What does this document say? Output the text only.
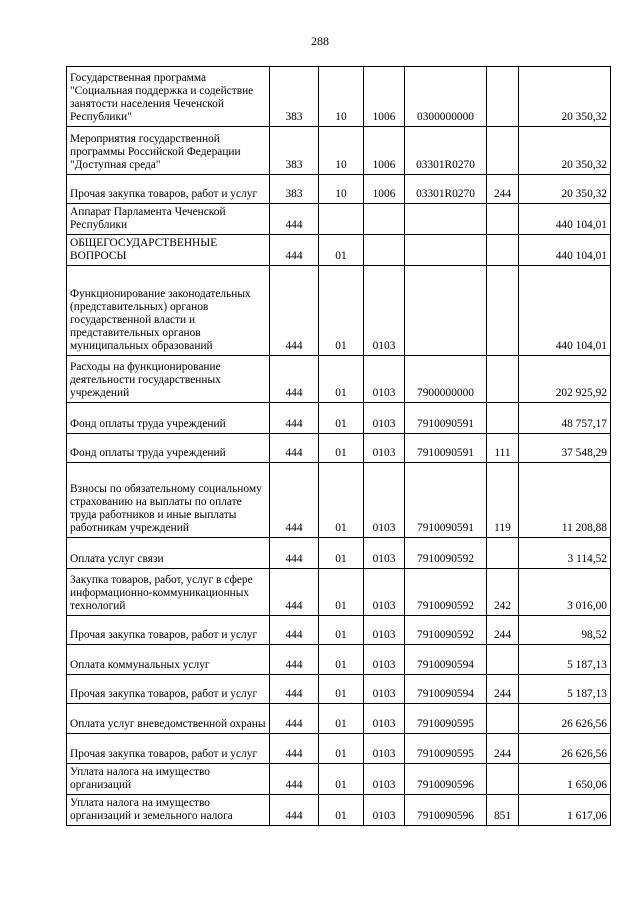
288
Государственная программа "Социальная поддержка и содействие занятости населения Чеченской Республики"	383	10	1006	0300000000		20 350,32
Мероприятия государственной программы Российской Федерации "Доступная среда"	383	10	1006	03301R0270		20 350,32
Прочая закупка товаров, работ и услуг	383	10	1006	03301R0270	244	20 350,32
Аппарат Парламента Чеченской Республики	444					440 104,01
ОБЩЕГОСУДАРСТВЕННЫЕ ВОПРОСЫ	444	01				440 104,01
Функционирование законодательных (представительных) органов государственной власти и представительных органов муниципальных образований	444	01	0103			440 104,01
Расходы на функционирование деятельности государственных учреждений	444	01	0103	7900000000		202 925,92
Фонд оплаты труда учреждений	444	01	0103	7910090591		48 757,17
Фонд оплаты труда учреждений	444	01	0103	7910090591	111	37 548,29
Взносы по обязательному социальному страхованию на выплаты по оплате труда работников и иные выплаты работникам учреждений	444	01	0103	7910090591	119	11 208,88
Оплата услуг связи	444	01	0103	7910090592		3 114,52
Закупка товаров, работ, услуг в сфере информационно-коммуникационных технологий	444	01	0103	7910090592	242	3 016,00
Прочая закупка товаров, работ и услуг	444	01	0103	7910090592	244	98,52
Оплата коммунальных услуг	444	01	0103	7910090594		5 187,13
Прочая закупка товаров, работ и услуг	444	01	0103	7910090594	244	5 187,13
Оплата услуг вневедомственной охраны	444	01	0103	7910090595		26 626,56
Прочая закупка товаров, работ и услуг	444	01	0103	7910090595	244	26 626,56
Уплата налога на имущество организаций	444	01	0103	7910090596		1 650,06
Уплата налога на имущество организаций и земельного налога	444	01	0103	7910090596	851	1 617,06
